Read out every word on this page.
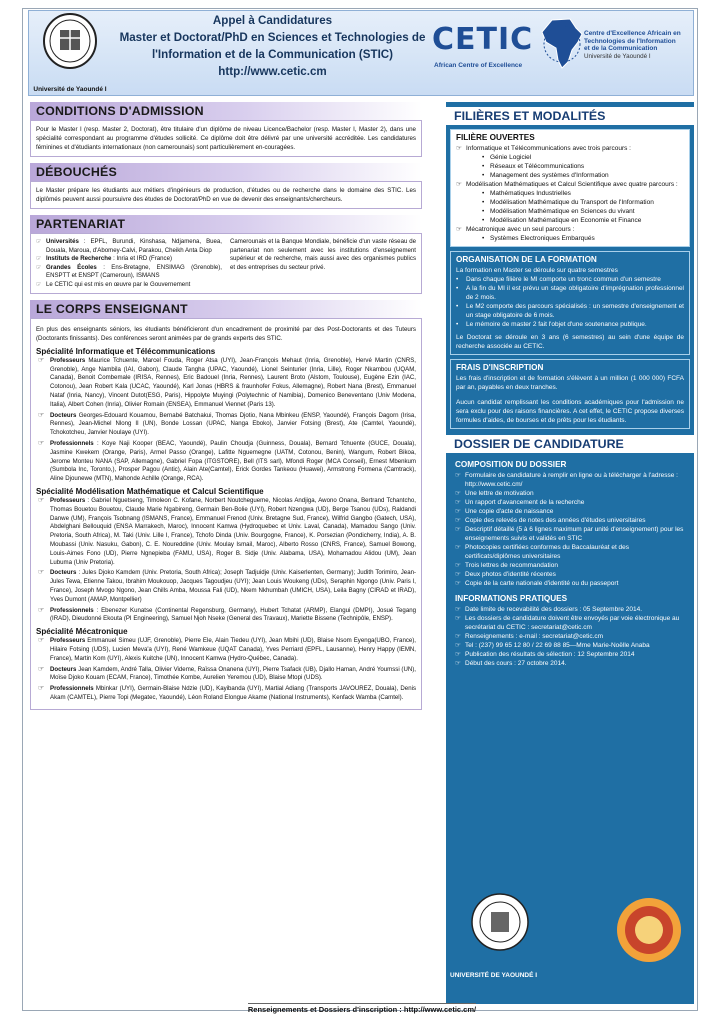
Université de Yaoundé I
Appel à Candidatures
Master et Doctorat/PhD en Sciences et Technologies de
l'Information et de la Communication (STIC)
http://www.cetic.cm
CETIC
African Centre of Excellence
Centre d'Excellence Africain en
Technologies de l'Information
et de la Communication
Université de Yaoundé I
CONDITIONS D'ADMISSION
Pour le Master I (resp. Master 2, Doctorat), être titulaire d'un diplôme de niveau Licence/Bachelor (resp. Master I, Master 2), dans une spécialité correspondant au programme d'études sollicité. Ce diplôme doit être délivré par une université accréditée. Les candidatures féminines et d'étudiants internationaux (non camerounais) sont particulièrement en-couragées.
DÉBOUCHÉS
Le Master prépare les étudiants aux métiers d'ingénieurs de production, d'études ou de recherche dans le domaine des STIC. Les diplômés peuvent aussi poursuivre des études de Doctorat/PhD en vue de devenir des enseignants/chercheurs.
PARTENARIAT
☞ Universités : EPFL, Burundi, Kinshasa, Ndjamena, Buea, Douala, Maroua, d'Abomey-Calvi, Parakou, Cheikh Anta Diop
☞ Instituts de Recherche : Inria et IRD (France)
☞ Grandes Écoles : Ens-Bretagne, ENSIMAG (Grenoble), ENSPTT et ENSPT (Cameroun), ISMANS
☞ Le CETIC qui est mis en œuvre par le Gouvernement
Camerounais et la Banque Mondiale, bénéficie d'un vaste réseau de partenariat non seulement avec les institutions d'enseignement supérieur et de recherche, mais aussi avec des organismes publics et des entreprises du secteur privé.
LE CORPS ENSEIGNANT
En plus des enseignants séniors, les étudiants bénéficieront d'un encadrement de proximité par des Post-Doctorants et des Tuteurs (Doctorants finissants). Des conférences seront animées par de grands experts des STIC.
Spécialité Informatique et Télécommunications
☞ Professeurs Maurice Tchuente, Marcel Fouda, Roger Atsa (UYI), Jean-François Mehaut (Inria, Grenoble), Hervé Martin (CNRS, Grenoble), Ange Nambila (IAI, Gabon), Claude Tangha (UPAC, Yaoundé), Lionel Seinturier (Inria, Lille), Roger Nkambou (UQAM, Canada), Benoit Combemale (IRISA, Rennes), Eric Badouel (Inria, Rennes), Laurent Broto (Alstom, Toulouse), Eugène Ezin (IAC, Cotonou), Jean Robert Kala (UCAC, Yaoundé), Karl Jonas (HBRS & fraunhofer Fokus, Allemagne), Robert Nana (Brest), Emmanuel Nataf (Inria, Nancy), Vincent Dutot(ESG, Paris), Hippolyte Muyingi (Polytechnic of Namibia), Domenico Beneventano (Univ Modena, Italia), Albert Cohen (Inria), Olivier Romain (ENSEA), Emmanuel Viennet (Paris 13).
☞ Docteurs Georges-Edouard Kouamou, Bernabé Batchakui, Thomas Djotio, Nana Mbinkeu (ENSP, Yaoundé), François Dagorn (Irisa, Rennes), Jean-Michel Nlong II (UN), Bonde Lossan (UPAC, Nanga Eboko), Janvier Fotsing (Brest), Ate (Camtel, Yaoundé), Tchokotcheu, Janvier Noulaye (UYI).
☞ Professionnels : Koye Naji Kooper (BEAC, Yaoundé), Paulin Choudja (Guinness, Douala), Bernard Tchuente (GUCE, Douala), Jasmine Kwekem (Orange, Paris), Armel Passo (Orange), Lafitte Nguemegne (UATM, Cotonou, Benin), Wangum, Robert Bikoa, Jerome Monteu NANA (SAP, Allemagne), Gabriel Fopa (ITGSTORE), Bell (ITS sarl), Mfondi Roger (MCA Conseil), Ernest Mbenkum (Sumbola Inc, Toronto,), Prosper Pagou (Antic), Alain Ate(Camtel), Erick Gordes Tankeou (Huawei), Armstrong Formena (Camtrack), Aline Djounewe (MTN), Mahonde Achille (Orange, RCA).
Spécialité Modélisation Mathématique et Calcul Scientifique
☞ Professeurs : Gabriel Nguetseng, Timoleon C. Kofane, Norbert Noutchegueme, Nicolas Andjiga, Awono Onana, Bertrand Tchantcho, Thomas Bouetou Bouetou, Claude Marie Ngabireng, Germain Ben-Bolie (UYI), Robert Nzengwa (UD), Berge Tsanou (UDs), Raldandi Danwe (UM), François Tsobnang (ISMANS, France), Emmanuel Frenod (Univ. Bretagne Sud, France), Wilfrid Gangbo (Gatech, USA), Abdelghani Bellouquid (ENSA Marrakech, Maroc), Innocent Kamwa (Hydroquebec et Univ. Laval, Canada), Mamadou Sango (Univ. Pretoria, South Africa), M. Taki (Univ. Lille I, France), Tchofo Dinda (Univ. Bourgogne, France), K. Porsezian (Pondicherry, India), A. B. Moubassi (Univ. Nasuku, Gabon), C. E. Noureddine (Univ. Moulay Ismail, Maroc), Alberto Rosso (CNRS, France), Samuel Bowong, Louis-Aimes Fono (UD), Pierre Ngnepieba (FAMU, USA), Roger B. Sidje (Univ. Alabama, USA), Mohamadou Alidou (UM), Jean Lubuma (Univ Pretoria).
☞ Docteurs : Jules Djoko Kamdem (Univ. Pretoria, South Africa); Joseph Tadjuidje (Univ. Kaiserlenten, Germany); Judith Torimiro, Jean-Jules Tewa, Etienne Takou, Ibrahim Moukouop, Jacques Tagoudjeu (UYI); Jean Louis Woukeng (UDs), Seraphin Ngongo (Univ. Paris I, France), Joseph Mvogo Ngono, Jean Chills Amba, Moussa Fali (UD), Nkem Nkhumbah (UMICH, USA), Leila Bagny (CIRAD et IRAD), Yves Dumont (AMAP, Montpellier)
☞ Professionnels : Ebenezer Kunatse (Continental Regensburg, Germany), Hubert Tchatat (ARMP), Elangui (DMPI), Josué Tegang (IRAD), Dieudonné Ekouta (PI Engineering), Samuel Njoh Nseke (General des Travaux), Mariette Bissene (Technipôle, ENSP).
Spécialité Mécatronique
☞ Professeurs Emmanuel Simeu (UJF, Grenoble), Pierre Ele, Alain Tiedeu (UYI), Jean Mbihi (UD), Blaise Nsom Eyenga(UBO, France), Hilaire Fotsing (UDS), Lucien Meva'a (UYI), René Wamkeue (UQAT Canada), Yves Perriard (EPFL, Lausanne), Henry Happy (IEMN, France), Martin Kom (UYI), Alexis Kuitche (UN), Innocent Kamwa (Hydro-Québec, Canada).
☞ Docteurs Jean Kamdem, André Talla, Olivier Videme, Raïssa Onanena (UYI), Pierre Tsafack (UB), Djallo Haman, André Youmssi (UN), Moïse Djoko Kouam (ECAM, France), Timothée Kombe, Aurelien Yeremou (UD), Blaise Mtopi (UDS).
☞ Professionnels Mbinkar (UYI), Germain-Blaise Ndzie (UD), Kayibanda (UYI), Martial Adiang (Transports JAVOUREZ, Douala), Denis Akam (CAMTEL), Pierre Topi (Megatec, Yaoundé), Léon Roland Elongue Akame (National Instruments), Kenfack Wamba (Camtel).
FILIÈRES ET MODALITÉS
FILIÈRE OUVERTES
☞ Informatique et Télécommunications avec trois parcours :
• Génie Logiciel
• Réseaux et Télécommunications
• Management des systèmes d'Information
☞ Modélisation Mathématiques et Calcul Scientifique avec quatre parcours :
• Mathématiques Industrielles
• Modélisation Mathématique du Transport de l'Information
• Modélisation Mathématique en Sciences du vivant
• Modélisation Mathématique en Economie et Finance
☞ Mécatronique avec un seul parcours :
• Systèmes Electroniques Embarqués
ORGANISATION DE LA FORMATION
La formation en Master se déroule sur quatre semestres
• Dans chaque filière le MI comporte un tronc commun d'un semestre
• A la fin du MI il est prévu un stage obligatoire d'imprégnation professionnel de 2 mois.
• Le M2 comporte des parcours spécialisés : un semestre d'enseignement et un stage obligatoire de 6 mois.
• Le mémoire de master 2 fait l'objet d'une soutenance publique.
Le Doctorat se déroule en 3 ans (6 semestres) au sein d'une équipe de recherche associée au CETIC.
FRAIS D'INSCRIPTION
Les frais d'inscription et de formation s'élèvent à un million (1 000 000) FCFA par an, payables en deux tranches.
Aucun candidat remplissant les conditions académiques pour l'admission ne sera exclu pour des raisons financières. A cet effet, le CETIC propose diverses formules d'aides, de bourses et de prêts pour les étudiants.
DOSSIER DE CANDIDATURE
COMPOSITION DU DOSSIER
☞ Formulaire de candidature à remplir en ligne ou à télécharger à l'adresse : http://www.cetic.cm/
☞ Une lettre de motivation
☞ Un rapport d'avancement de la recherche
☞ Une copie d'acte de naissance
☞ Copie des relevés de notes des années d'études universitaires
☞ Descriptif détaillé (5 à 6 lignes maximum par unité d'enseignement) pour les enseignements suivis et validés en STIC
☞ Photocopies certifiées conformes du Baccalauréat et des certificats/diplômes universitaires
☞ Trois lettres de recommandation
☞ Deux photos d'identité récentes
☞ Copie de la carte nationale d'identité ou du passeport
INFORMATIONS PRATIQUES
☞ Date limite de recevabilité des dossiers : 05 Septembre 2014.
☞ Les dossiers de candidature doivent être envoyés par voie électronique au secrétariat du CETIC : secretariat@cetic.cm
☞ Renseignements : e-mail : secretariat@cetic.cm
☞ Tel : (237) 99 65 12 80 / 22 69 88 85—Mme Marie-Noëlle Anaba
☞ Publication des résultats de sélection : 12 Septembre 2014
☞ Début des cours : 27 octobre 2014.
UNIVERSITÉ DE YAOUNDÉ I
Renseignements et Dossiers d'inscription : http://www.cetic.cm/
